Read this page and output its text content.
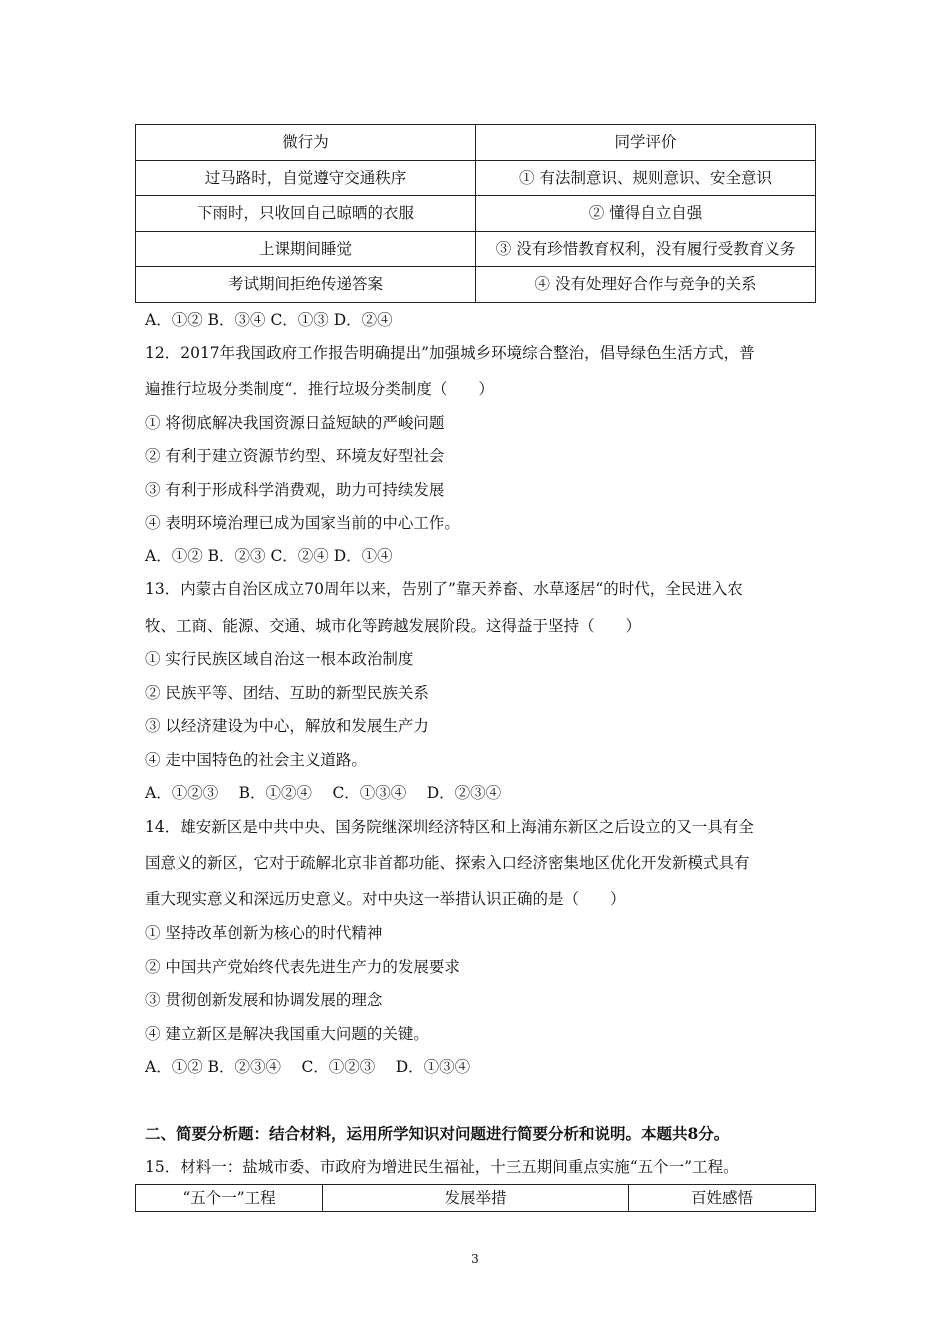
微行为	同学评价
过马路时，自觉遵守交通秩序	① 有法制意识、规则意识、安全意识
下雨时，只收回自己晾晒的衣服	② 懂得自立自强
上课期间睡觉	③ 没有珍惜教育权利，没有履行受教育义务
考试期间拒绝传递答案	④ 没有处理好合作与竞争的关系
A．①② B．③④ C．①③ D．②④
12．2017年我国政府工作报告明确提出”加强城乡环境综合整治，倡导绿色生活方式，普
遍推行垃圾分类制度“．推行垃圾分类制度（　　）
① 将彻底解决我国资源日益短缺的严峻问题
② 有利于建立资源节约型、环境友好型社会
③ 有利于形成科学消费观，助力可持续发展
④ 表明环境治理已成为国家当前的中心工作。
A．①② B．②③ C．②④ D．①④
13．内蒙古自治区成立70周年以来，告别了”靠天养畜、水草逐居“的时代，全民进入农
牧、工商、能源、交通、城市化等跨越发展阶段。这得益于坚持（　　）
① 实行民族区域自治这一根本政治制度
② 民族平等、团结、互助的新型民族关系
③ 以经济建设为中心，解放和发展生产力
④ 走中国特色的社会主义道路。
A．①②③　 B．①②④　 C．①③④　 D．②③④
14．雄安新区是中共中央、国务院继深圳经济特区和上海浦东新区之后设立的又一具有全
国意义的新区，它对于疏解北京非首都功能、探索入口经济密集地区优化开发新模式具有
重大现实意义和深远历史意义。对中央这一举措认识正确的是（　　）
① 坚持改革创新为核心的时代精神
② 中国共产党始终代表先进生产力的发展要求
③ 贯彻创新发展和协调发展的理念
④ 建立新区是解决我国重大问题的关键。
A．①② B．②③④　 C．①②③　 D．①③④
二、简要分析题：结合材料，运用所学知识对问题进行简要分析和说明。本题共8分。
15．材料一：盐城市委、市政府为增进民生福祉，十三五期间重点实施“五个一”工程。
“五个一”工程	发展举措	百姓感悟
3
